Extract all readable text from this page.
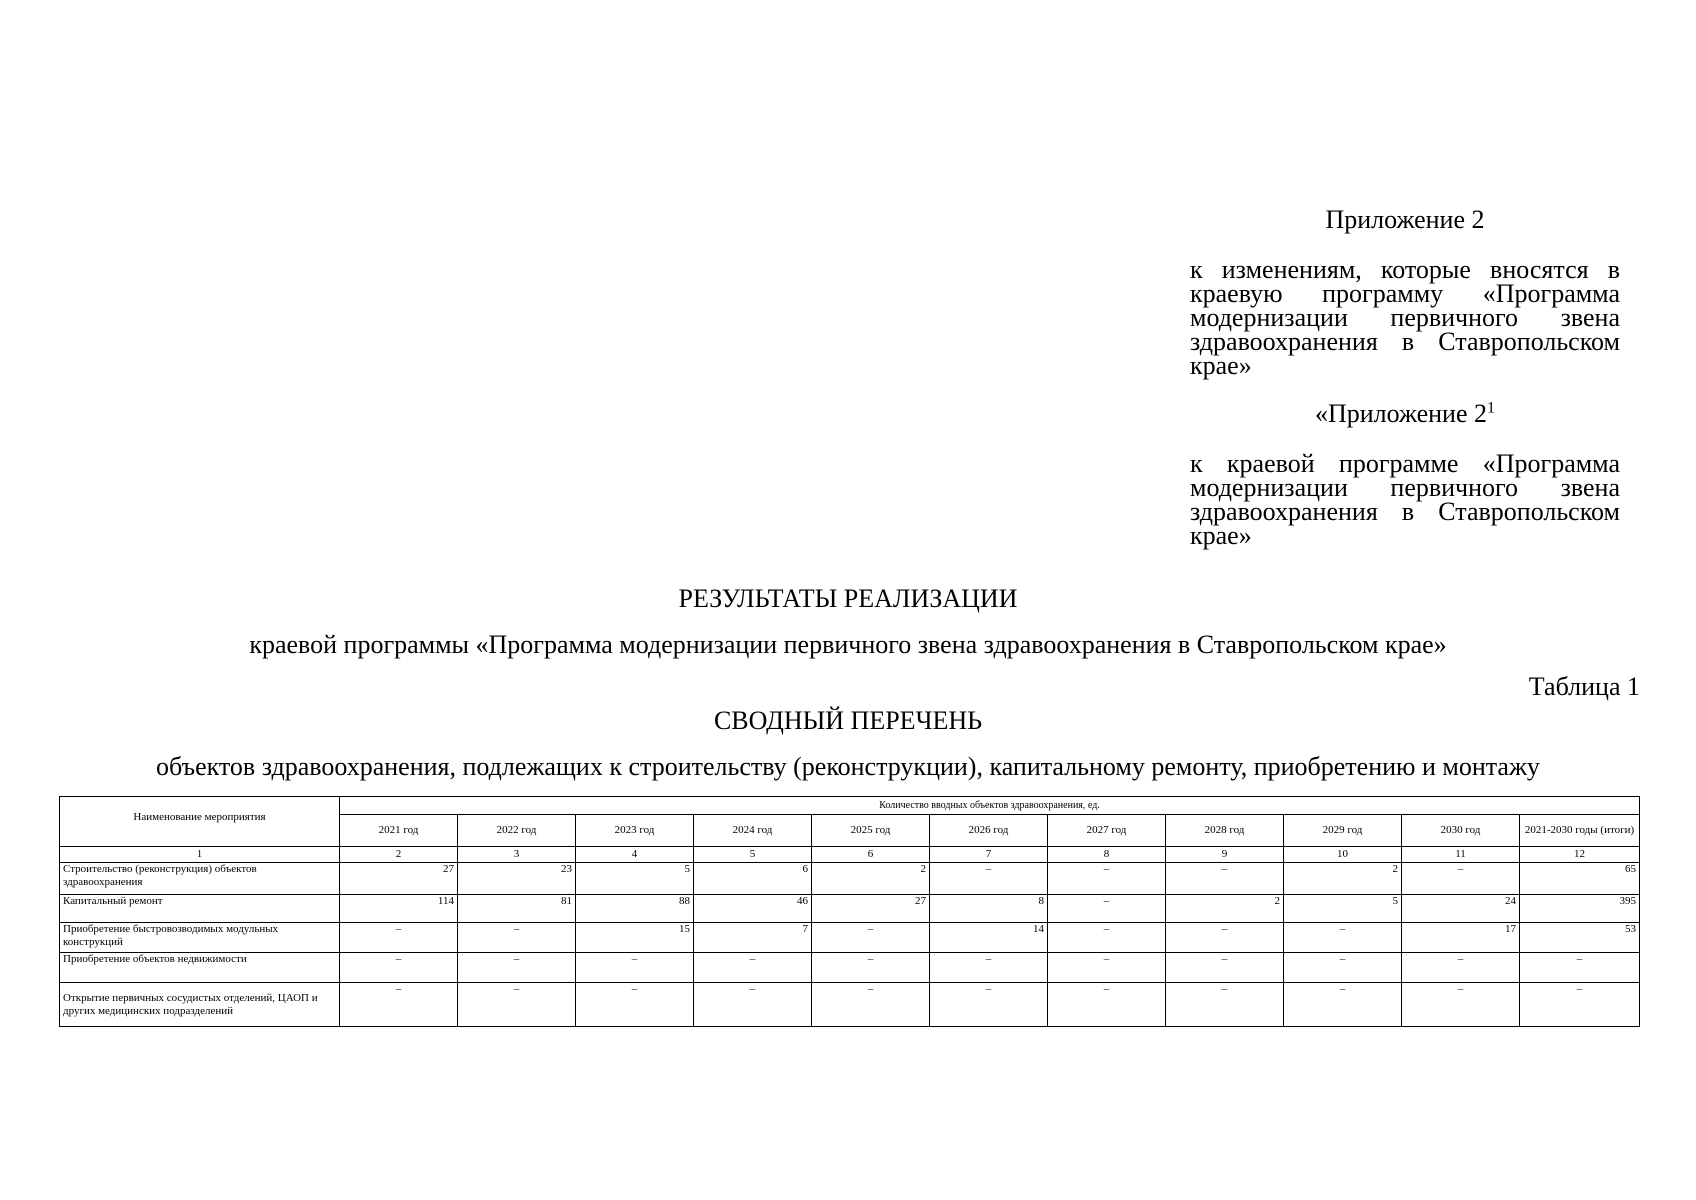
Приложение 2
к изменениям, которые вносятся в краевую программу «Программа модернизации первичного звена здравоохранения в Ставропольском крае»
«Приложение $2^1$
к краевой программе «Программа модернизации первичного звена здравоохранения в Ставропольском крае»
РЕЗУЛЬТАТЫ РЕАЛИЗАЦИИ
краевой программы «Программа модернизации первичного звена здравоохранения в Ставропольском крае»
Таблица 1
СВОДНЫЙ ПЕРЕЧЕНЬ
объектов здравоохранения, подлежащих к строительству (реконструкции), капитальному ремонту, приобретению и монтажу
Наименование мероприятия	Количество вводных объектов здравоохранения, ед.										
	2021 год	2022 год	2023 год	2024 год	2025 год	2026 год	2027 год	2028 год	2029 год	2030 год	2021-2030 годы (итоги)
1	2	3	4	5	6	7	8	9	10	11	12
Строительство (реконструкция) объектов здравоохранения	27	23	5	6	2	–	–	–	2	–	65
Капитальный ремонт	114	81	88	46	27	8	–	2	5	24	395
Приобретение быстровозводимых модульных конструкций	–	–	15	7	–	14	–	–	–	17	53
Приобретение объектов недвижимости	–	–	–	–	–	–	–	–	–	–	–
Открытие первичных сосудистых отделений, ЦАОП и других медицинских подразделений	–	–	–	–	–	–	–	–	–	–	–
